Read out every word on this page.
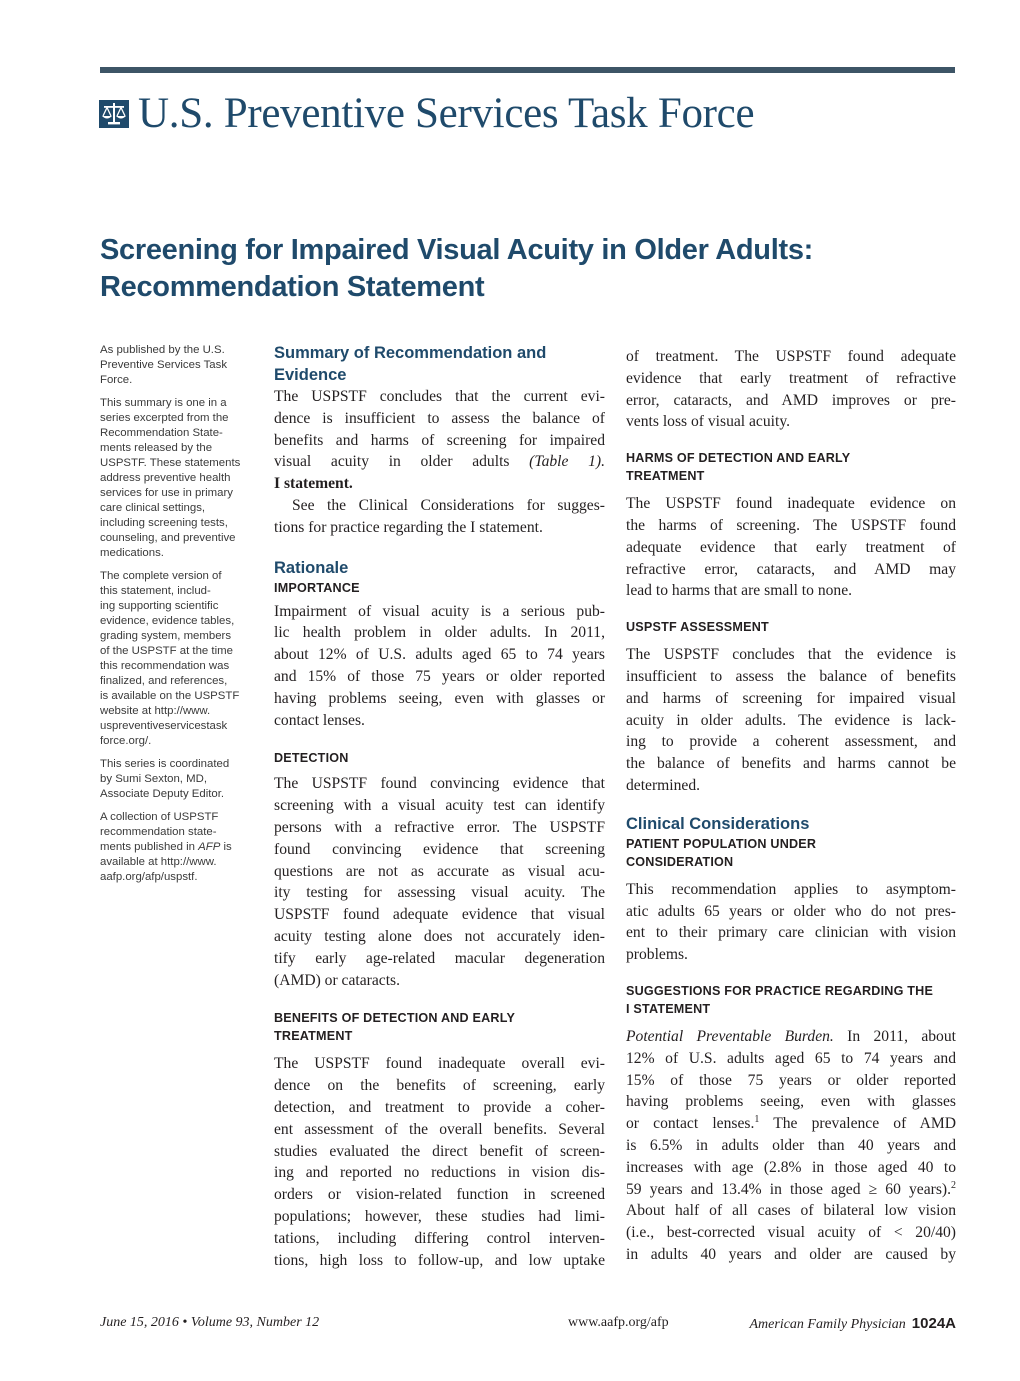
U.S. Preventive Services Task Force
Screening for Impaired Visual Acuity in Older Adults:
Recommendation Statement

As published by the U.S.
Preventive Services Task
Force.

This summary is one in a
series excerpted from the
Recommendation State-
ments released by the
USPSTF. These statements
address preventive health
services for use in primary
care clinical settings,
including screening tests,
counseling, and preventive
medications.

The complete version of
this statement, includ-
ing supporting scientific
evidence, evidence tables,
grading system, members
of the USPSTF at the time
this recommendation was
finalized, and references,
is available on the USPSTF
website at http://www.
uspreventiveservicestask
force.org/.

This series is coordinated
by Sumi Sexton, MD,
Associate Deputy Editor.

A collection of USPSTF
recommendation state-
ments published in AFP is
available at http://www.
aafp.org/afp/uspstf.

Summary of Recommendation and
Evidence
The USPSTF concludes that the current evi-
dence is insufficient to assess the balance of
benefits and harms of screening for impaired
visual acuity in older adults (Table 1).
I statement.
See the Clinical Considerations for sugges-
tions for practice regarding the I statement.
Rationale
IMPORTANCE
Impairment of visual acuity is a serious pub-
lic health problem in older adults. In 2011,
about 12% of U.S. adults aged 65 to 74 years
and 15% of those 75 years or older reported
having problems seeing, even with glasses or
contact lenses.
DETECTION
The USPSTF found convincing evidence that
screening with a visual acuity test can identify
persons with a refractive error. The USPSTF
found convincing evidence that screening
questions are not as accurate as visual acu-
ity testing for assessing visual acuity. The
USPSTF found adequate evidence that visual
acuity testing alone does not accurately iden-
tify early age-related macular degeneration
(AMD) or cataracts.
BENEFITS OF DETECTION AND EARLY
TREATMENT
The USPSTF found inadequate overall evi-
dence on the benefits of screening, early
detection, and treatment to provide a coher-
ent assessment of the overall benefits. Several
studies evaluated the direct benefit of screen-
ing and reported no reductions in vision dis-
orders or vision-related function in screened
populations; however, these studies had limi-
tations, including differing control interven-
tions, high loss to follow-up, and low uptake
of treatment. The USPSTF found adequate
evidence that early treatment of refractive
error, cataracts, and AMD improves or pre-
vents loss of visual acuity.
HARMS OF DETECTION AND EARLY
TREATMENT
The USPSTF found inadequate evidence on
the harms of screening. The USPSTF found
adequate evidence that early treatment of
refractive error, cataracts, and AMD may
lead to harms that are small to none.
USPSTF ASSESSMENT
The USPSTF concludes that the evidence is
insufficient to assess the balance of benefits
and harms of screening for impaired visual
acuity in older adults. The evidence is lack-
ing to provide a coherent assessment, and
the balance of benefits and harms cannot be
determined.
Clinical Considerations
PATIENT POPULATION UNDER
CONSIDERATION
This recommendation applies to asymptom-
atic adults 65 years or older who do not pres-
ent to their primary care clinician with vision
problems.
SUGGESTIONS FOR PRACTICE REGARDING THE
I STATEMENT
Potential Preventable Burden. In 2011, about
12% of U.S. adults aged 65 to 74 years and
15% of those 75 years or older reported
having problems seeing, even with glasses
or contact lenses.$^1$ The prevalence of AMD
is 6.5% in adults older than 40 years and
increases with age (2.8% in those aged 40 to
59 years and 13.4% in those aged ≥ 60 years).$^2$
About half of all cases of bilateral low vision
(i.e., best-corrected visual acuity of < 20/40)
in adults 40 years and older are caused by
June 15, 2016 • Volume 93, Number 12	www.aafp.org/afp	American Family Physician 1024A
